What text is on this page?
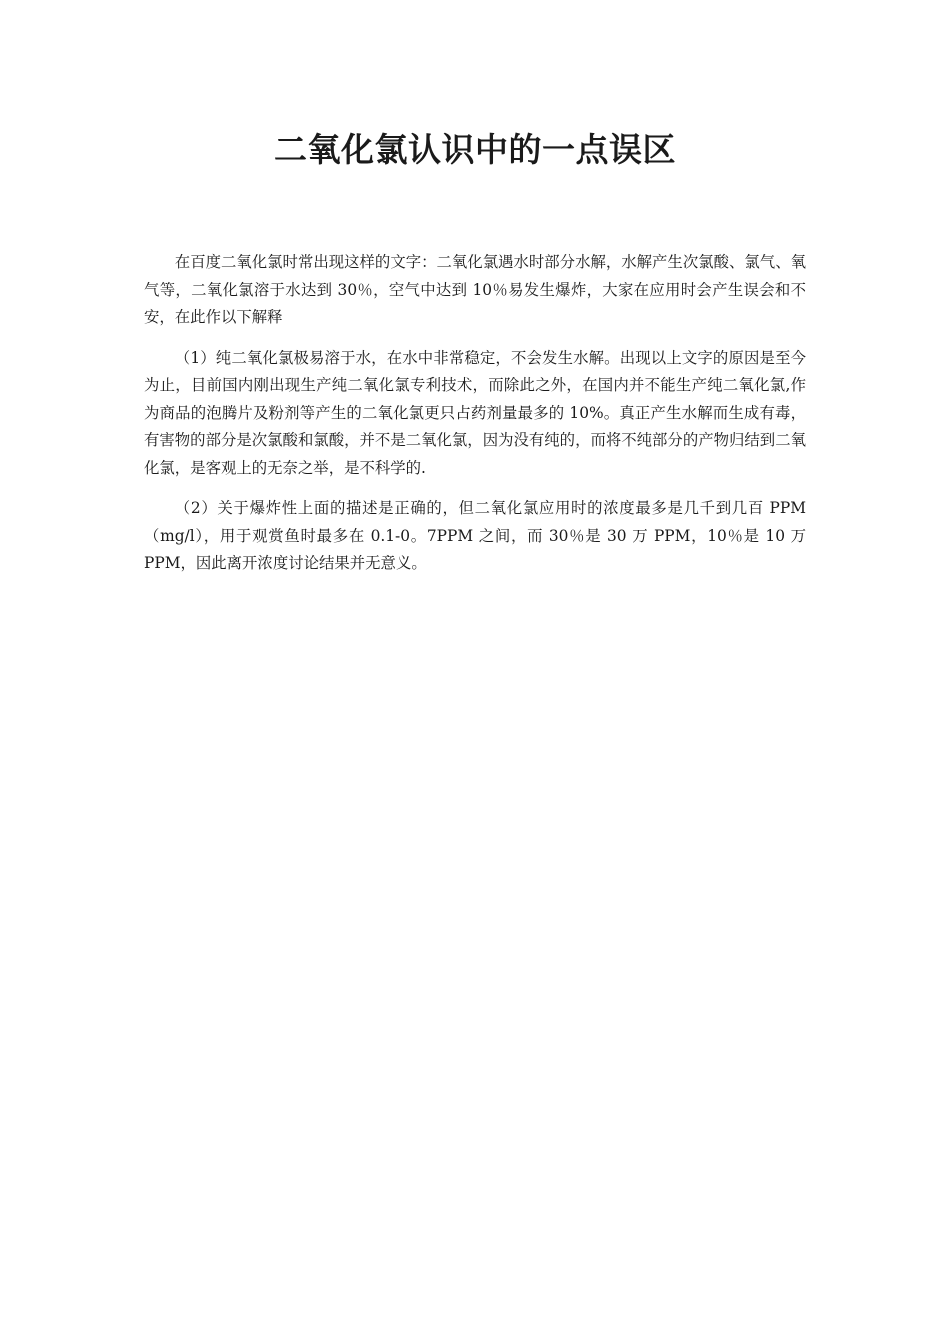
二氧化氯认识中的一点误区

在百度二氧化氯时常出现这样的文字：二氧化氯遇水时部分水解，水解产生次氯酸、氯气、氧气等，二氧化氯溶于水达到 30％，空气中达到 10％易发生爆炸，大家在应用时会产生误会和不安，在此作以下解释

（1）纯二氧化氯极易溶于水，在水中非常稳定，不会发生水解。出现以上文字的原因是至今为止，目前国内刚出现生产纯二氧化氯专利技术，而除此之外，在国内并不能生产纯二氧化氯,作为商品的泡腾片及粉剂等产生的二氧化氯更只占药剂量最多的 10%。真正产生水解而生成有毒，有害物的部分是次氯酸和氯酸，并不是二氧化氯，因为没有纯的，而将不纯部分的产物归结到二氧化氯，是客观上的无奈之举，是不科学的.

（2）关于爆炸性上面的描述是正确的，但二氧化氯应用时的浓度最多是几千到几百 PPM（mg/l），用于观赏鱼时最多在 0.1-0。7PPM 之间，而 30％是 30 万 PPM，10％是 10 万 PPM，因此离开浓度讨论结果并无意义。
